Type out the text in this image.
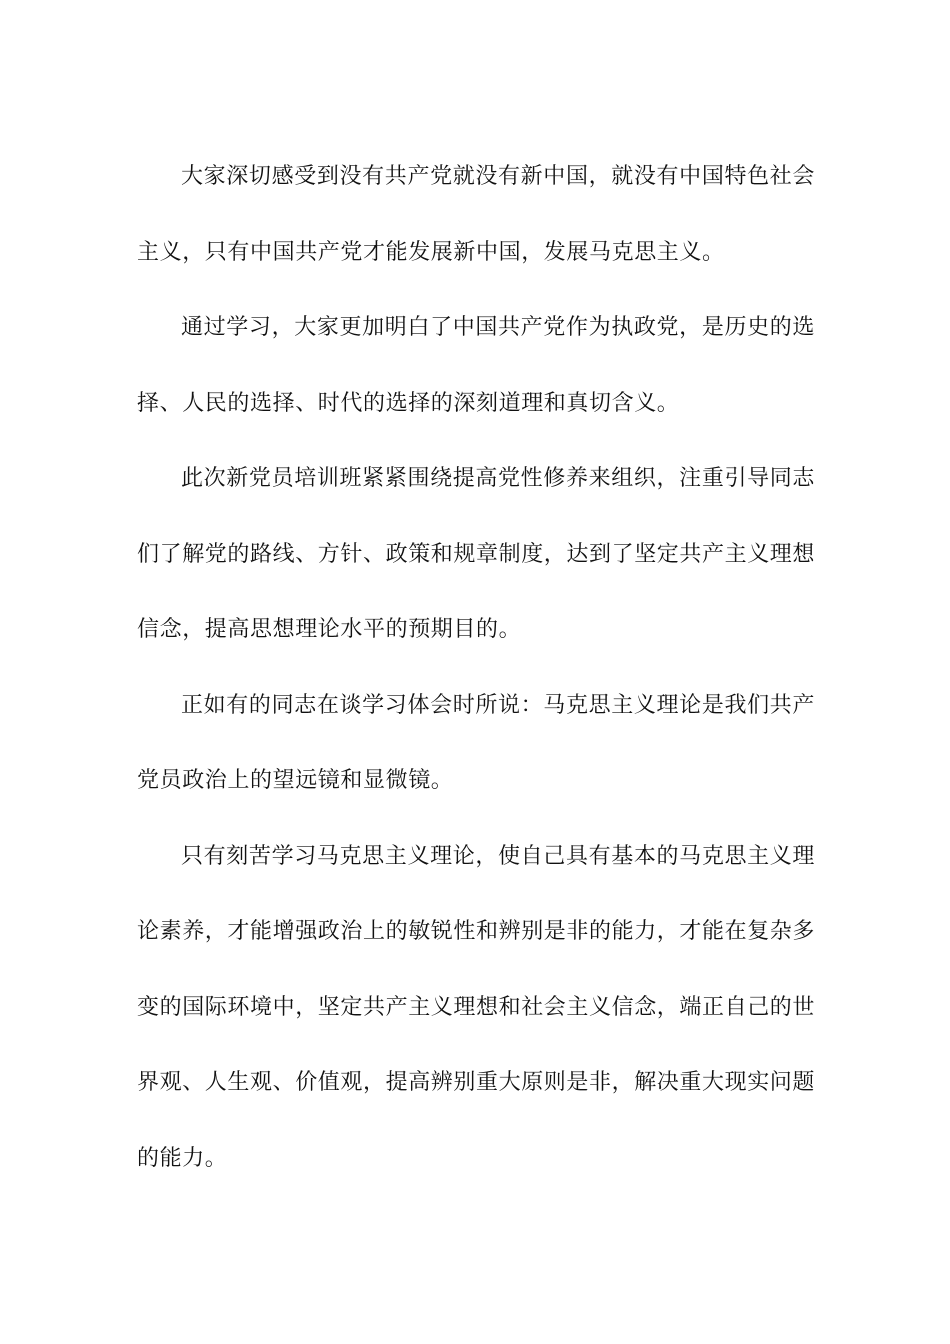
大家深切感受到没有共产党就没有新中国，就没有中国特色社会主义，只有中国共产党才能发展新中国，发展马克思主义。

通过学习，大家更加明白了中国共产党作为执政党，是历史的选择、人民的选择、时代的选择的深刻道理和真切含义。

此次新党员培训班紧紧围绕提高党性修养来组织，注重引导同志们了解党的路线、方针、政策和规章制度，达到了坚定共产主义理想信念，提高思想理论水平的预期目的。

正如有的同志在谈学习体会时所说：马克思主义理论是我们共产党员政治上的望远镜和显微镜。

只有刻苦学习马克思主义理论，使自己具有基本的马克思主义理论素养，才能增强政治上的敏锐性和辨别是非的能力，才能在复杂多变的国际环境中，坚定共产主义理想和社会主义信念，端正自己的世界观、人生观、价值观，提高辨别重大原则是非，解决重大现实问题的能力。
